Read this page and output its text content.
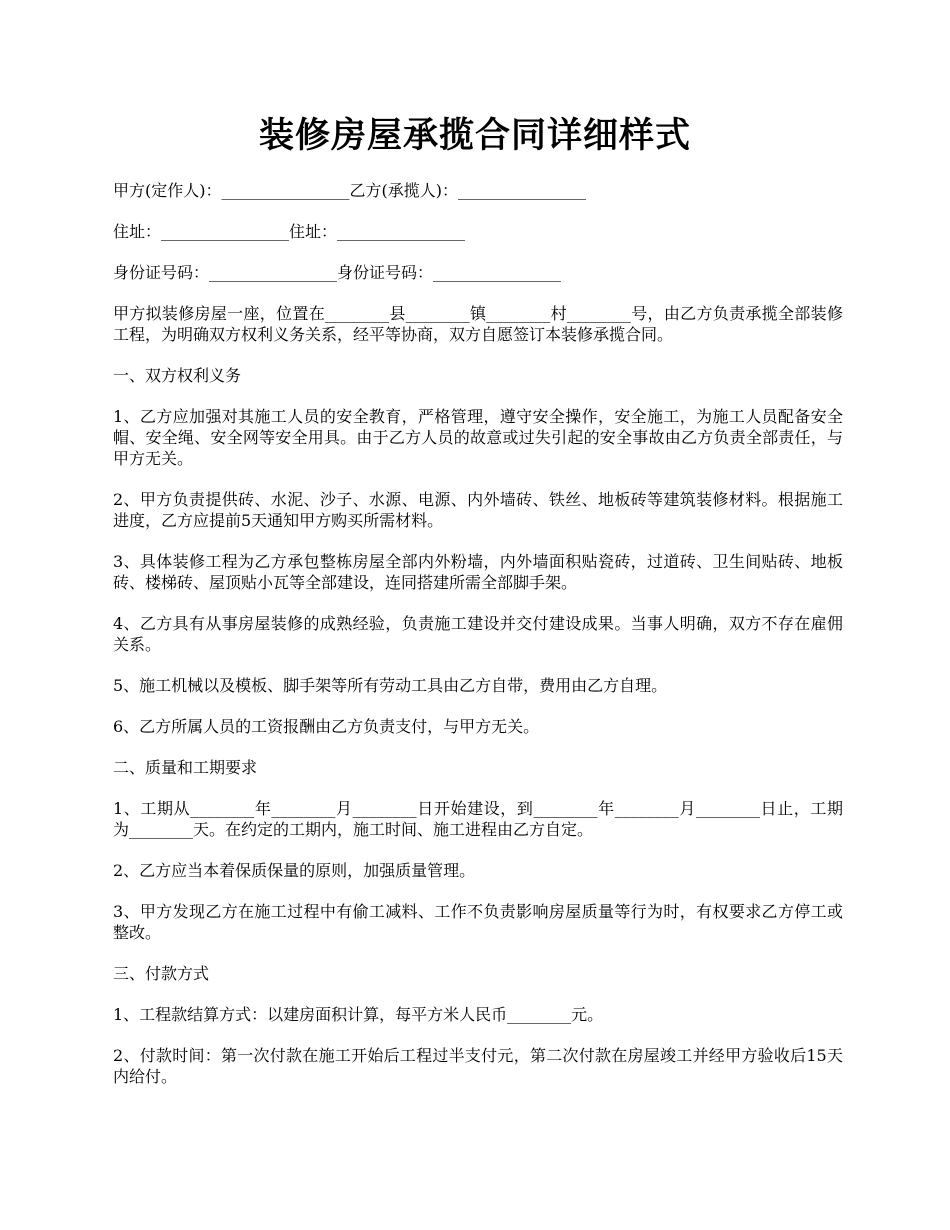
装修房屋承揽合同详细样式

甲方(定作人)：________________乙方(承揽人)：________________

住址：________________住址：________________

身份证号码：________________身份证号码：________________

甲方拟装修房屋一座，位置在________县________镇________村________号，由乙方负责承揽全部装修工程，为明确双方权利义务关系，经平等协商，双方自愿签订本装修承揽合同。

一、双方权利义务

1、乙方应加强对其施工人员的安全教育，严格管理，遵守安全操作，安全施工，为施工人员配备安全帽、安全绳、安全网等安全用具。由于乙方人员的故意或过失引起的安全事故由乙方负责全部责任，与甲方无关。

2、甲方负责提供砖、水泥、沙子、水源、电源、内外墙砖、铁丝、地板砖等建筑装修材料。根据施工进度，乙方应提前5天通知甲方购买所需材料。

3、具体装修工程为乙方承包整栋房屋全部内外粉墙，内外墙面积贴瓷砖，过道砖、卫生间贴砖、地板砖、楼梯砖、屋顶贴小瓦等全部建设，连同搭建所需全部脚手架。

4、乙方具有从事房屋装修的成熟经验，负责施工建设并交付建设成果。当事人明确，双方不存在雇佣关系。

5、施工机械以及模板、脚手架等所有劳动工具由乙方自带，费用由乙方自理。

6、乙方所属人员的工资报酬由乙方负责支付，与甲方无关。

二、质量和工期要求

1、工期从________年________月________日开始建设，到________年________月________日止，工期为________天。在约定的工期内，施工时间、施工进程由乙方自定。

2、乙方应当本着保质保量的原则，加强质量管理。

3、甲方发现乙方在施工过程中有偷工减料、工作不负责影响房屋质量等行为时，有权要求乙方停工或整改。

三、付款方式

1、工程款结算方式：以建房面积计算，每平方米人民币________元。

2、付款时间：第一次付款在施工开始后工程过半支付元，第二次付款在房屋竣工并经甲方验收后15天内给付。
